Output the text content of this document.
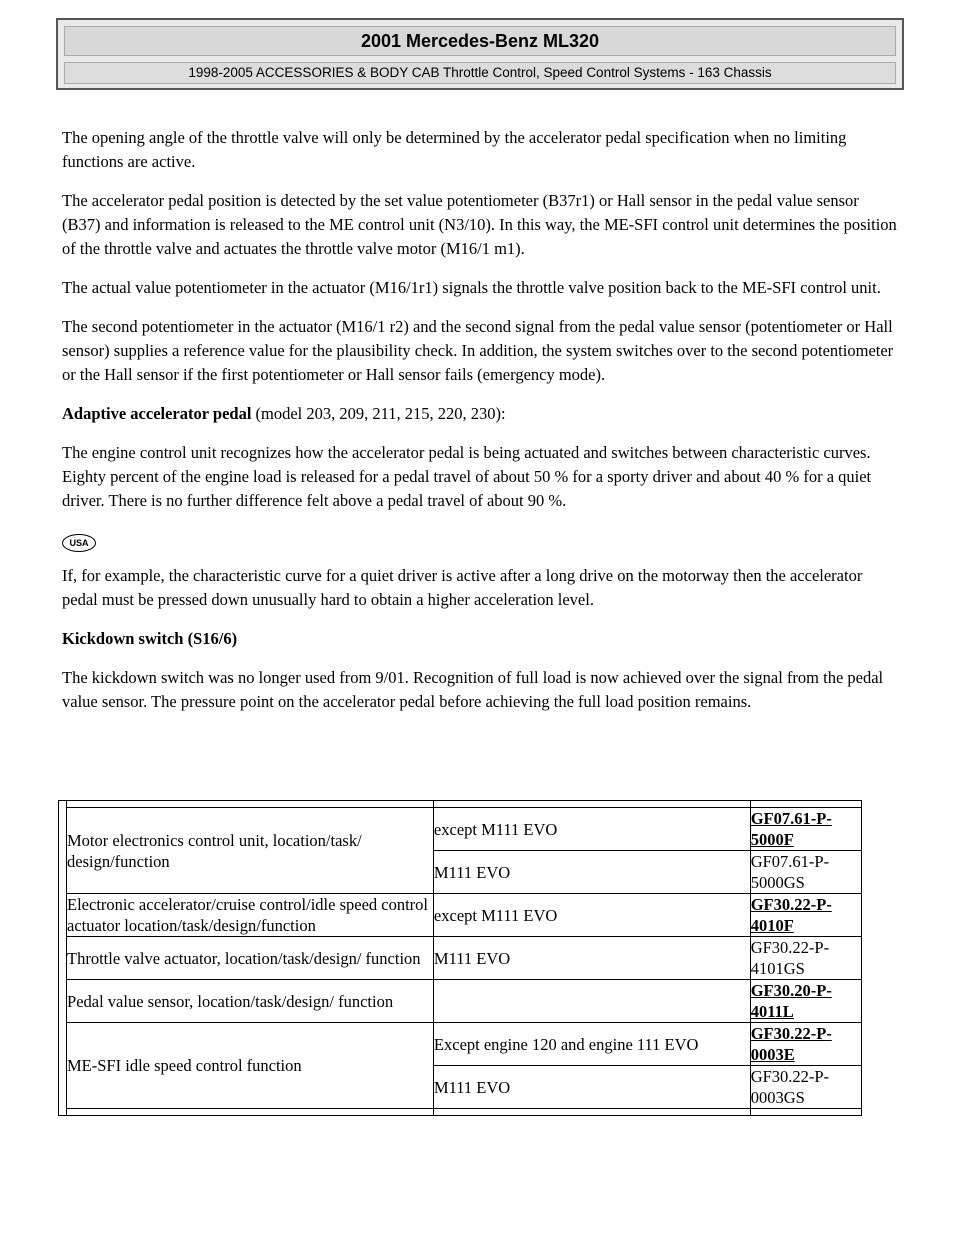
2001 Mercedes-Benz ML320
1998-2005 ACCESSORIES & BODY CAB Throttle Control, Speed Control Systems - 163 Chassis

The opening angle of the throttle valve will only be determined by the accelerator pedal specification when no limiting functions are active.

The accelerator pedal position is detected by the set value potentiometer (B37r1) or Hall sensor in the pedal value sensor (B37) and information is released to the ME control unit (N3/10). In this way, the ME-SFI control unit determines the position of the throttle valve and actuates the throttle valve motor (M16/1 m1).

The actual value potentiometer in the actuator (M16/1r1) signals the throttle valve position back to the ME-SFI control unit.

The second potentiometer in the actuator (M16/1 r2) and the second signal from the pedal value sensor (potentiometer or Hall sensor) supplies a reference value for the plausibility check. In addition, the system switches over to the second potentiometer or the Hall sensor if the first potentiometer or Hall sensor fails (emergency mode).

Adaptive accelerator pedal (model 203, 209, 211, 215, 220, 230):

The engine control unit recognizes how the accelerator pedal is being actuated and switches between characteristic curves. Eighty percent of the engine load is released for a pedal travel of about 50 % for a sporty driver and about 40 % for a quiet driver. There is no further difference felt above a pedal travel of about 90 %.

USA

If, for example, the characteristic curve for a quiet driver is active after a long drive on the motorway then the accelerator pedal must be pressed down unusually hard to obtain a higher acceleration level.

Kickdown switch (S16/6)

The kickdown switch was no longer used from 9/01. Recognition of full load is now achieved over the signal from the pedal value sensor. The pressure point on the accelerator pedal before achieving the full load position remains.

	Motor electronics control unit, location/task/ design/function	except M111 EVO	GF07.61-P-5000F
		M111 EVO	GF07.61-P-5000GS
	Electronic accelerator/cruise control/idle speed control actuator location/task/design/function	except M111 EVO	GF30.22-P-4010F
	Throttle valve actuator, location/task/design/ function	M111 EVO	GF30.22-P-4101GS
	Pedal value sensor, location/task/design/ function		GF30.20-P-4011L
	ME-SFI idle speed control function	Except engine 120 and engine 111 EVO	GF30.22-P-0003E
		M111 EVO	GF30.22-P-0003GS
